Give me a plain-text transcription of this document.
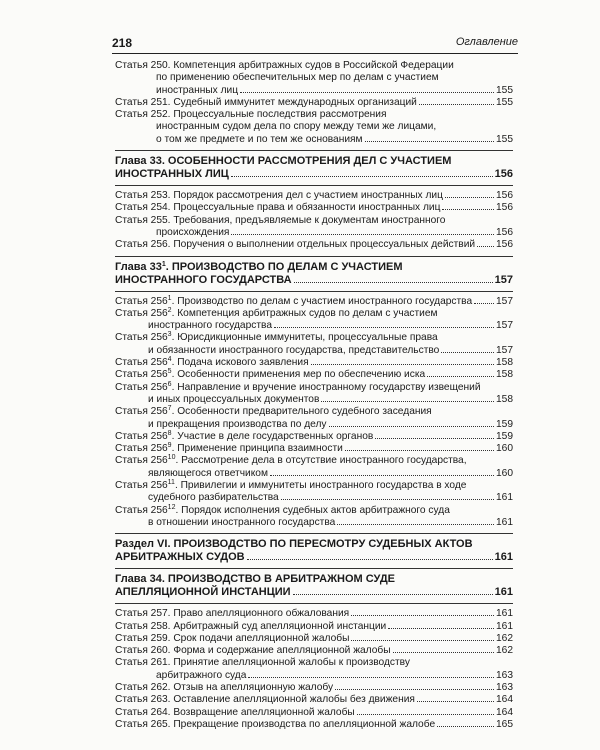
218	Оглавление
Статья 250. Компетенция арбитражных судов в Российской Федерации
по применению обеспечительных мер по делам с участием
иностранных лиц	155
Статья 251. Судебный иммунитет международных организаций	155
Статья 252. Процессуальные последствия рассмотрения
иностранным судом дела по спору между теми же лицами,
о том же предмете и по тем же основаниям	155
Глава 33. ОСОБЕННОСТИ РАССМОТРЕНИЯ ДЕЛ С УЧАСТИЕМ
ИНОСТРАННЫХ ЛИЦ	156
Статья 253. Порядок рассмотрения дел с участием иностранных лиц	156
Статья 254. Процессуальные права и обязанности иностранных лиц	156
Статья 255. Требования, предъявляемые к документам иностранного
происхождения	156
Статья 256. Поручения о выполнении отдельных процессуальных действий 156
Глава $33^1$. ПРОИЗВОДСТВО ПО ДЕЛАМ С УЧАСТИЕМ
ИНОСТРАННОГО ГОСУДАРСТВА	157
Статья $256^1$. Производство по делам с участием иностранного государства 157
Статья $256^2$. Компетенция арбитражных судов по делам с участием
иностранного государства	157
Статья $256^3$. Юрисдикционные иммунитеты, процессуальные права
и обязанности иностранного государства, представительство	157
Статья $256^4$. Подача искового заявления	158
Статья $256^5$. Особенности применения мер по обеспечению иска	158
Статья $256^6$. Направление и вручение иностранному государству извещений
и иных процессуальных документов	158
Статья $256^7$. Особенности предварительного судебного заседания
и прекращения производства по делу	159
Статья $256^8$. Участие в деле государственных органов	159
Статья $256^9$. Применение принципа взаимности	160
Статья $256^{10}$. Рассмотрение дела в отсутствие иностранного государства,
являющегося ответчиком	160
Статья $256^{11}$. Привилегии и иммунитеты иностранного государства в ходе
судебного разбирательства	161
Статья $256^{12}$. Порядок исполнения судебных актов арбитражного суда
в отношении иностранного государства	161
Раздел VI. ПРОИЗВОДСТВО ПО ПЕРЕСМОТРУ СУДЕБНЫХ АКТОВ
АРБИТРАЖНЫХ СУДОВ	161
Глава 34. ПРОИЗВОДСТВО В АРБИТРАЖНОМ СУДЕ
АПЕЛЛЯЦИОННОЙ ИНСТАНЦИИ	161
Статья 257. Право апелляционного обжалования	161
Статья 258. Арбитражный суд апелляционной инстанции	161
Статья 259. Срок подачи апелляционной жалобы	162
Статья 260. Форма и содержание апелляционной жалобы	162
Статья 261. Принятие апелляционной жалобы к производству
арбитражного суда	163
Статья 262. Отзыв на апелляционную жалобу	163
Статья 263. Оставление апелляционной жалобы без движения	164
Статья 264. Возвращение апелляционной жалобы	164
Статья 265. Прекращение производства по апелляционной жалобе	165
